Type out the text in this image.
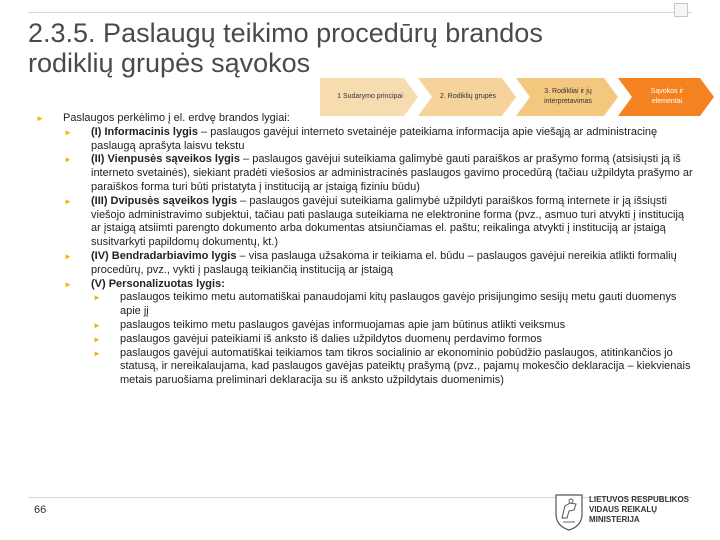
2.3.5. Paslaugų teikimo procedūrų brandos
rodiklių grupės sąvokos
1 Sudarymo principai	2. Rodiklių grupės
3. Rodikliai ir jų interpretavimas
Sąvokos ir elementai
► Paslaugos perkėlimo į el. erdvę brandos lygiai:
► (I) Informacinis lygis – paslaugos gavėjui interneto svetainėje pateikiama informacija apie viešąją ar administracinę paslaugą aprašyta laisvu tekstu
► (II) Vienpusės sąveikos lygis – paslaugos gavėjui suteikiama galimybė gauti paraiškos ar prašymo formą (atsisiųsti ją iš interneto svetainės), siekiant pradėti viešosios ar administracinės paslaugos gavimo procedūrą (tačiau užpildyta prašymo ar paraiškos forma turi būti pristatyta į instituciją ar įstaigą fiziniu būdu)
► (III) Dvipusės sąveikos lygis – paslaugos gavėjui suteikiama galimybė užpildyti paraiškos formą internete ir ją išsiųsti viešojo administravimo subjektui, tačiau pati paslauga suteikiama ne elektronine forma (pvz., asmuo turi atvykti į instituciją ar įstaigą atsiimti parengto dokumento arba dokumentas atsiunčiamas el. paštu; reikalinga atvykti į instituciją ar įstaigą susitvarkyti papildomų dokumentų, kt.)
► (IV) Bendradarbiavimo lygis – visa paslauga užsakoma ir teikiama el. būdu – paslaugos gavėjui nereikia atlikti formalių procedūrų, pvz., vykti į paslaugą teikiančią instituciją ar įstaigą
► (V) Personalizuotas lygis:
► paslaugos teikimo metu automatiškai panaudojami kitų paslaugos gavėjo prisijungimo sesijų metu gauti duomenys apie jį
► paslaugos teikimo metu paslaugos gavėjas informuojamas apie jam būtinus atlikti veiksmus
► paslaugos gavėjui pateikiami iš anksto iš dalies užpildytos duomenų perdavimo formos
► paslaugos gavėjui automatiškai teikiamos tam tikros socialinio ar ekonominio pobūdžio paslaugos, atitinkančios jo statusą, ir nereikalaujama, kad paslaugos gavėjas pateiktų prašymą (pvz., pajamų mokesčio deklaracija – kiekvienais metais paruošiama preliminari deklaracija su iš anksto užpildytais duomenimis)
66
LIETUVOS RESPUBLIKOS
VIDAUS REIKALŲ
MINISTERIJA
